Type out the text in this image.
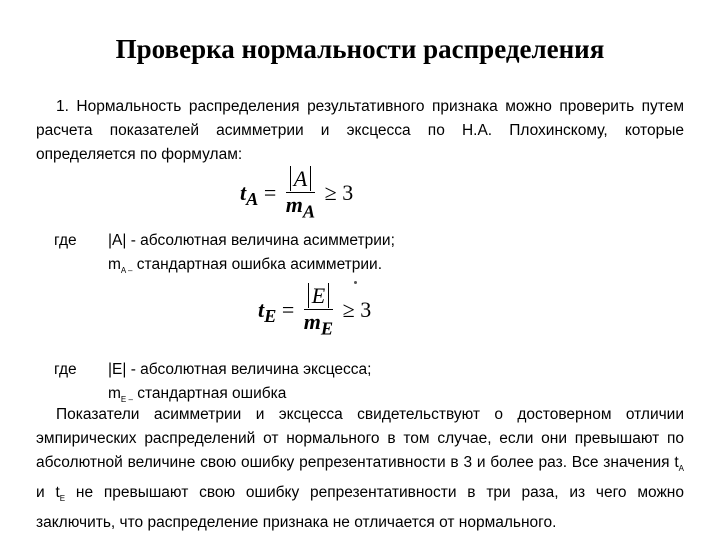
Проверка нормальности распределения
1. Нормальность распределения результативного признака можно проверить путем расчета показателей асимметрии и эксцесса по Н.А. Плохинскому, которые определяется по формулам:
$t_A = \frac{A}{m_A} \ge 3$
где	|A| - абсолютная величина асимметрии;
$m_{A -}$ стандартная ошибка асимметрии.
$t_E = \frac{E}{m_E} \ge 3$
где	|E| - абсолютная величина эксцесса;
$m_{E -}$ стандартная ошибка
Показатели асимметрии и эксцесса свидетельствуют о достоверном отличии эмпирических распределений от нормального в том случае, если они превышают по абсолютной величине свою ошибку репрезентативности в 3 и более раз. Все значения $t_A$ и $t_E$ не превышают свою ошибку репрезентативности в три раза, из чего можно заключить, что распределение признака не отличается от нормального.
